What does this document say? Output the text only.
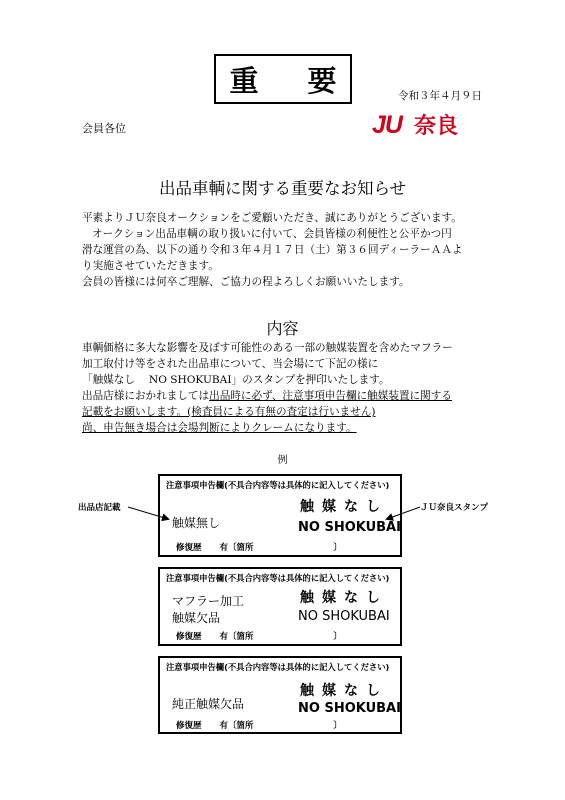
重　要	令和３年４月９日
会員各位	JU 奈良
出品車輌に関する重要なお知らせ
平素よりＪＵ奈良オークションをご愛顧いただき、誠にありがとうございます。
オークション出品車輌の取り扱いに付いて、会員皆様の利便性と公平かつ円
滑な運営の為、以下の通り令和３年４月１７日（土）第３６回ディーラーＡＡよ
り実施させていただきます。
会員の皆様には何卒ご理解、ご協力の程よろしくお願いいたします。
内容
車輌価格に多大な影響を及ぼす可能性のある一部の触媒装置を含めたマフラー
加工取付け等をされた出品車について、当会場にて下記の様に
「触媒なし　 NO SHOKUBAI」のスタンプを押印いたします。
出品店様におかれましては出品時に必ず、注意事項申告欄に触媒装置に関する
記載をお願いします。(検査員による有無の査定は行いません)
尚、申告無き場合は会場判断によりクレームになります。
例
出品店記載	ＪＵ奈良スタンプ
注意事項申告欄(不具合内容等は具体的に記入してください)
触媒なし
触媒無し	NO SHOKUBAI
修復歴 有〔箇所	〕
注意事項申告欄(不具合内容等は具体的に記入してください)
触媒なし
マフラー加工
触媒欠品	NO SHOKUBAI
修復歴 有〔箇所	〕
注意事項申告欄(不具合内容等は具体的に記入してください)
触媒なし
純正触媒欠品	NO SHOKUBAI
修復歴 有〔箇所	〕
